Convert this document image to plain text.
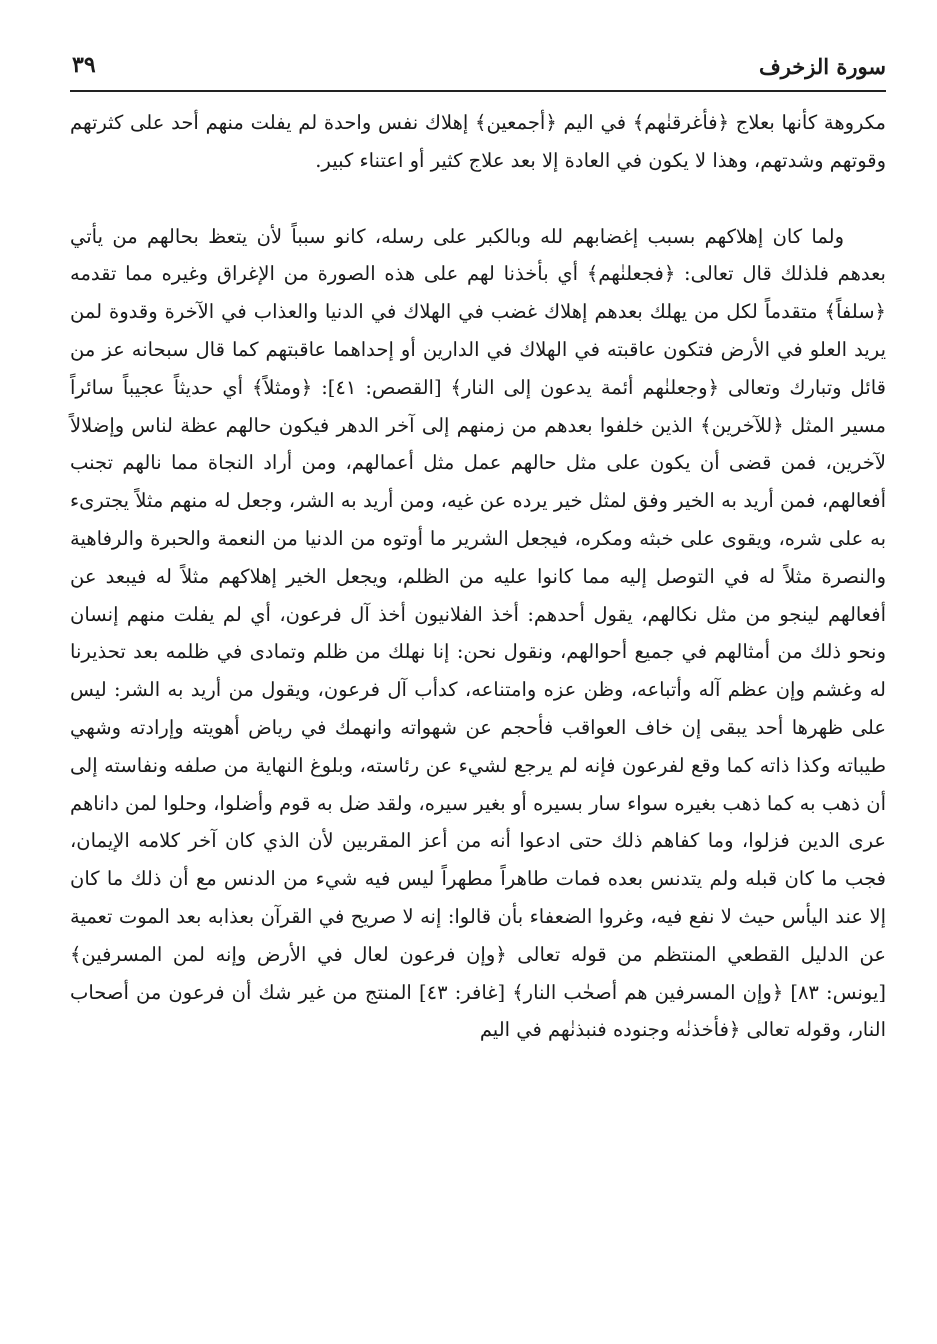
سورة الزخرف
٣٩

مكروهة كأنها بعلاج ﴿فأغرقنٰهم﴾ في اليم ﴿أجمعين﴾ إهلاك نفس واحدة لم يفلت منهم أحد على كثرتهم وقوتهم وشدتهم، وهذا لا يكون في العادة إلا بعد علاج كثير أو اعتناء كبير.

ولما كان إهلاكهم بسبب إغضابهم لله وبالكبر على رسله، كانو سبباً لأن يتعظ بحالهم من يأتي بعدهم فلذلك قال تعالى: ﴿فجعلنٰهم﴾ أي بأخذنا لهم على هذه الصورة من الإغراق وغيره مما تقدمه ﴿سلفاً﴾ متقدماً لكل من يهلك بعدهم إهلاك غضب في الهلاك في الدنيا والعذاب في الآخرة وقدوة لمن يريد العلو في الأرض فتكون عاقبته في الهلاك في الدارين أو إحداهما عاقبتهم كما قال سبحانه عز من قائل وتبارك وتعالى ﴿وجعلنٰهم أئمة يدعون إلى النار﴾ [القصص: ٤١]: ﴿ومثلاً﴾ أي حديثاً عجيباً سائراً مسير المثل ﴿للآخرين﴾ الذين خلفوا بعدهم من زمنهم إلى آخر الدهر فيكون حالهم عظة لناس وإضلالاً لآخرين، فمن قضى أن يكون على مثل حالهم عمل مثل أعمالهم، ومن أراد النجاة مما نالهم تجنب أفعالهم، فمن أريد به الخير وفق لمثل خير يرده عن غيه، ومن أريد به الشر، وجعل له منهم مثلاً يجترىء به على شره، ويقوى على خبثه ومكره، فيجعل الشرير ما أوتوه من الدنيا من النعمة والحبرة والرفاهية والنصرة مثلاً له في التوصل إليه مما كانوا عليه من الظلم، ويجعل الخير إهلاكهم مثلاً له فيبعد عن أفعالهم لينجو من مثل نكالهم، يقول أحدهم: أخذ الفلانيون أخذ آل فرعون، أي لم يفلت منهم إنسان ونحو ذلك من أمثالهم في جميع أحوالهم، ونقول نحن: إنا نهلك من ظلم وتمادى في ظلمه بعد تحذيرنا له وغشم وإن عظم آله وأتباعه، وظن عزه وامتناعه، كدأب آل فرعون، ويقول من أريد به الشر: ليس على ظهرها أحد يبقى إن خاف العواقب فأحجم عن شهواته وانهمك في رياض أهويته وإرادته وشهي طيباته وكذا ذاته كما وقع لفرعون فإنه لم يرجع لشيء عن رئاسته، وبلوغ النهاية من صلفه ونفاسته إلى أن ذهب به كما ذهب بغيره سواء سار بسيره أو بغير سيره، ولقد ضل به قوم وأضلوا، وحلوا لمن داناهم عرى الدين فزلوا، وما كفاهم ذلك حتى ادعوا أنه من أعز المقربين لأن الذي كان آخر كلامه الإيمان، فجب ما كان قبله ولم يتدنس بعده فمات طاهراً مطهراً ليس فيه شيء من الدنس مع أن ذلك ما كان إلا عند اليأس حيث لا نفع فيه، وغروا الضعفاء بأن قالوا: إنه لا صريح في القرآن بعذابه بعد الموت تعمية عن الدليل القطعي المنتظم من قوله تعالى ﴿وإن فرعون لعال في الأرض وإنه لمن المسرفين﴾ [يونس: ٨٣] ﴿وإن المسرفين هم أصحٰب النار﴾ [غافر: ٤٣] المنتج من غير شك أن فرعون من أصحاب النار، وقوله تعالى ﴿فأخذنٰه وجنوده فنبذنٰهم في اليم
